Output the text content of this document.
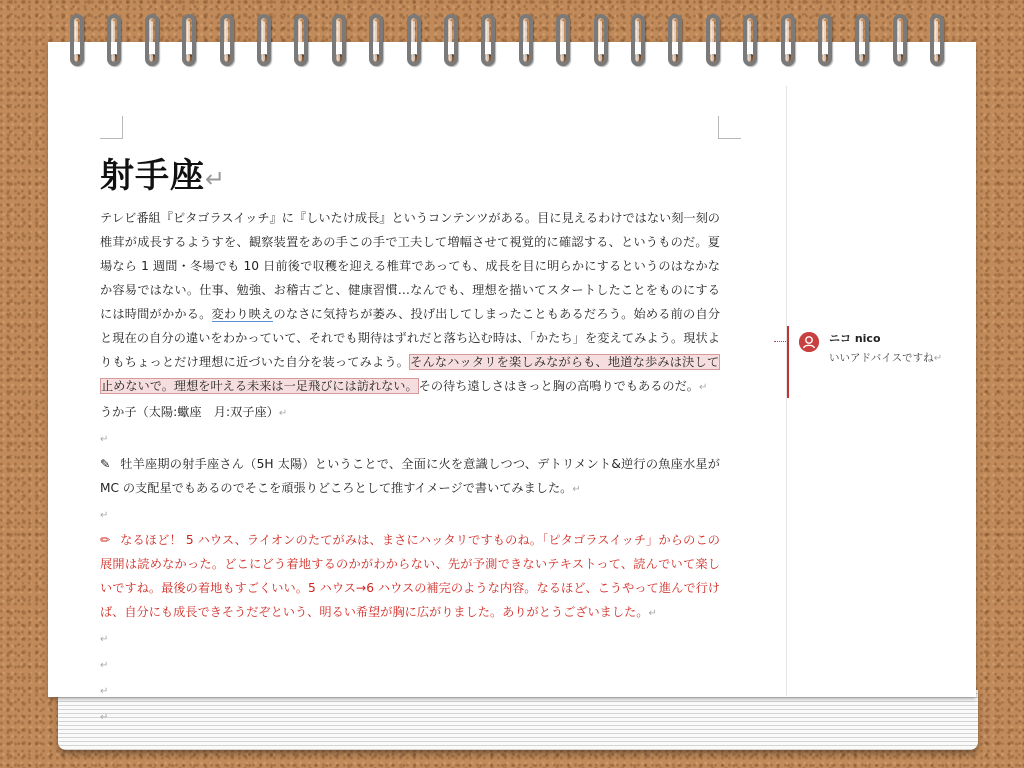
射手座↵

テレビ番組『ピタゴラスイッチ』に『しいたけ成長』というコンテンツがある。目に見えるわけではない刻一刻の椎茸が成長するようすを、観察装置をあの手この手で工夫して増幅させて視覚的に確認する、というものだ。夏場なら 1 週間・冬場でも 10 日前後で収穫を迎える椎茸であっても、成長を目に明らかにするというのはなかなか容易ではない。仕事、勉強、お稽古ごと、健康習慣…なんでも、理想を描いてスタートしたことをものにするには時間がかかる。変わり映えのなさに気持ちが萎み、投げ出してしまったこともあるだろう。始める前の自分と現在の自分の違いをわかっていて、それでも期待はずれだと落ち込む時は、「かたち」を変えてみよう。現状よりもちょっとだけ理想に近づいた自分を装ってみよう。そんなハッタリを楽しみながらも、地道な歩みは決して止めないで。理想を叶える未来は一足飛びには訪れない。その待ち遠しさはきっと胸の高鳴りでもあるのだ。↵

うか子（太陽:蠍座　月:双子座）↵

↵

✎ 牡羊座期の射手座さん（5H 太陽）ということで、全面に火を意識しつつ、デトリメント&逆行の魚座水星が MC の支配星でもあるのでそこを頑張りどころとして推すイメージで書いてみました。↵

↵

✏ なるほど！ 5 ハウス、ライオンのたてがみは、まさにハッタリですものね。「ピタゴラスイッチ」からのこの展開は読めなかった。どこにどう着地するのかがわからない、先が予測できないテキストって、読んでいて楽しいですね。最後の着地もすごくいい。5 ハウス→6 ハウスの補完のような内容。なるほど、こうやって進んで行けば、自分にも成長できそうだぞという、明るい希望が胸に広がりました。ありがとうございました。↵

↵

↵

↵

↵

ニコ nico
いいアドバイスですね↵
